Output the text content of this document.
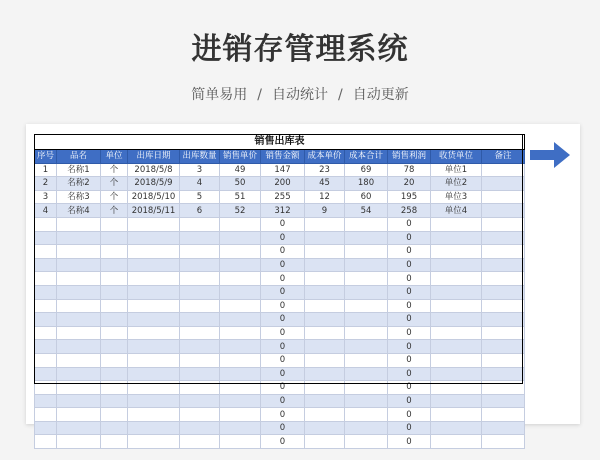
进销存管理系统
简单易用 / 自动统计 / 自动更新
销售出库表											
序号	品名	单位	出库日期	出库数量	销售单价	销售金额	成本单价	成本合计	销售利润	收货单位	备注
1	名称1	个	2018/5/8	3	49	147	23	69	78	单位1	
2	名称2	个	2018/5/9	4	50	200	45	180	20	单位2	
3	名称3	个	2018/5/10	5	51	255	12	60	195	单位3	
4	名称4	个	2018/5/11	6	52	312	9	54	258	单位4	
						0			0		
						0			0		
						0			0		
						0			0		
						0			0		
						0			0		
						0			0		
						0			0		
						0			0		
						0			0		
						0			0		
						0			0		
						0			0		
						0			0		
						0			0		
						0			0		
						0			0		
